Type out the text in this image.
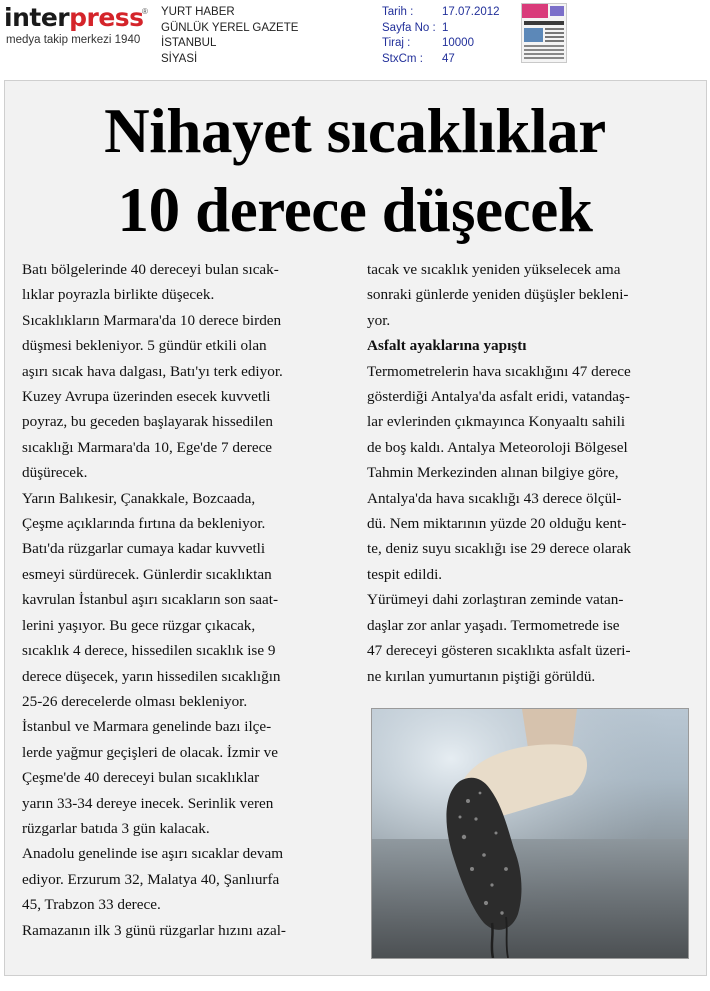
interpress
®
medya takip merkezi 1940
YURT HABER
GÜNLÜK YEREL GAZETE
İSTANBUL
SİYASİ
Tarih :	17.07.2012
Sayfa No : 1
Tiraj :	10000
StxCm :	47
Nihayet sıcaklıklar
10 derece düşecek
Batı bölgelerinde 40 dereceyi bulan sıcak-
lıklar poyrazla birlikte düşecek.
Sıcaklıkların Marmara'da 10 derece birden
düşmesi bekleniyor. 5 gündür etkili olan
aşırı sıcak hava dalgası, Batı'yı terk ediyor.
Kuzey Avrupa üzerinden esecek kuvvetli
poyraz, bu geceden başlayarak hissedilen
sıcaklığı Marmara'da 10, Ege'de 7 derece
düşürecek.
Yarın Balıkesir, Çanakkale, Bozcaada,
Çeşme açıklarında fırtına da bekleniyor.
Batı'da rüzgarlar cumaya kadar kuvvetli
esmeyi sürdürecek. Günlerdir sıcaklıktan
kavrulan İstanbul aşırı sıcakların son saat-
lerini yaşıyor. Bu gece rüzgar çıkacak,
sıcaklık 4 derece, hissedilen sıcaklık ise 9
derece düşecek, yarın hissedilen sıcaklığın
25-26 derecelerde olması bekleniyor.
İstanbul ve Marmara genelinde bazı ilçe-
lerde yağmur geçişleri de olacak. İzmir ve
Çeşme'de 40 dereceyi bulan sıcaklıklar
yarın 33-34 dereye inecek. Serinlik veren
rüzgarlar batıda 3 gün kalacak.
Anadolu genelinde ise aşırı sıcaklar devam
ediyor. Erzurum 32, Malatya 40, Şanlıurfa
45, Trabzon 33 derece.
Ramazanın ilk 3 günü rüzgarlar hızını azal-
tacak ve sıcaklık yeniden yükselecek ama
sonraki günlerde yeniden düşüşler bekleni-
yor.
Asfalt ayaklarına yapıştı
Termometrelerin hava sıcaklığını 47 derece
gösterdiği Antalya'da asfalt eridi, vatandaş-
lar evlerinden çıkmayınca Konyaaltı sahili
de boş kaldı. Antalya Meteoroloji Bölgesel
Tahmin Merkezinden alınan bilgiye göre,
Antalya'da hava sıcaklığı 43 derece ölçül-
dü. Nem miktarının yüzde 20 olduğu kent-
te, deniz suyu sıcaklığı ise 29 derece olarak
tespit edildi.
Yürümeyi dahi zorlaştıran zeminde vatan-
daşlar zor anlar yaşadı. Termometrede ise
47 dereceyi gösteren sıcaklıkta asfalt üzeri-
ne kırılan yumurtanın piştiği görüldü.
